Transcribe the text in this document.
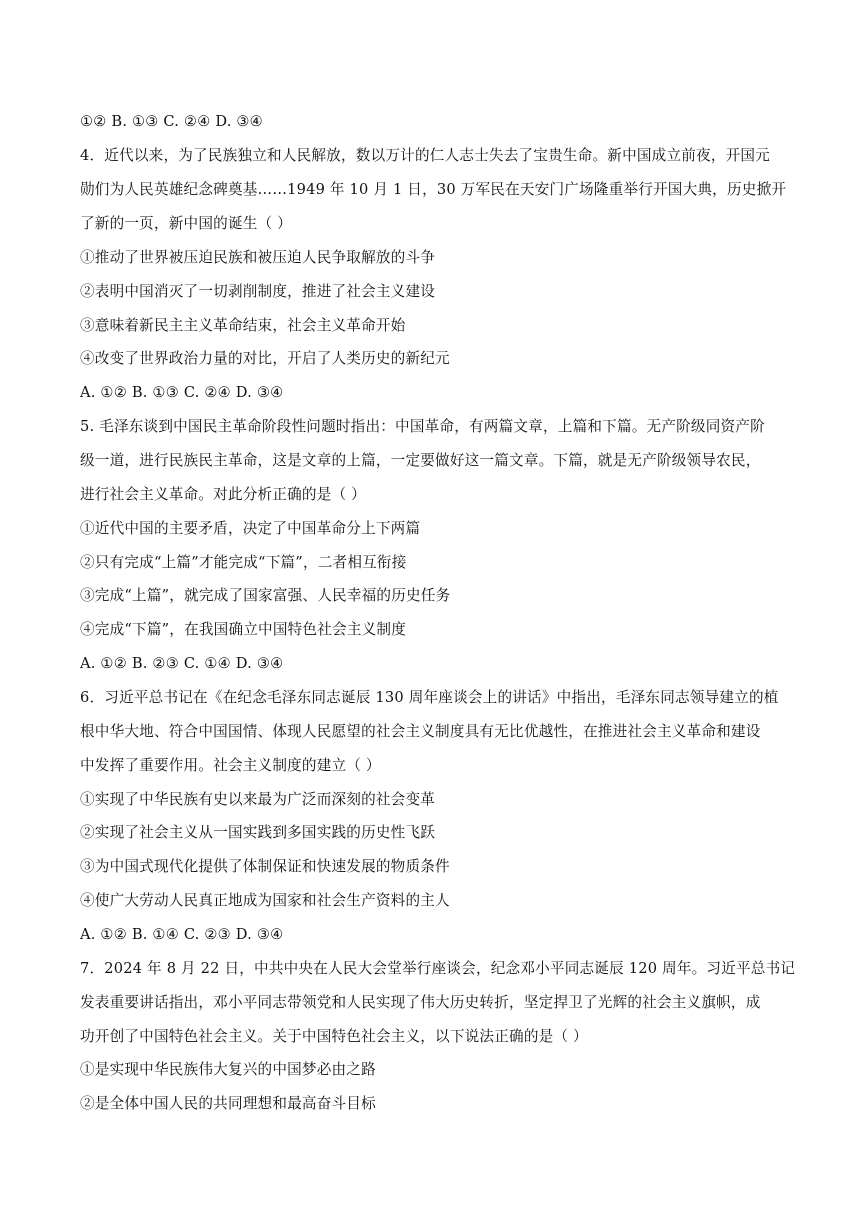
①② B. ①③ C. ②④ D. ③④
4．近代以来，为了民族独立和人民解放，数以万计的仁人志士失去了宝贵生命。新中国成立前夜，开国元
勋们为人民英雄纪念碑奠基……1949 年 10 月 1 日，30 万军民在天安门广场隆重举行开国大典，历史掀开
了新的一页，新中国的诞生（ ）
①推动了世界被压迫民族和被压迫人民争取解放的斗争
②表明中国消灭了一切剥削制度，推进了社会主义建设
③意味着新民主主义革命结束，社会主义革命开始
④改变了世界政治力量的对比，开启了人类历史的新纪元
A. ①② B. ①③ C. ②④ D. ③④
5. 毛泽东谈到中国民主革命阶段性问题时指出：中国革命，有两篇文章，上篇和下篇。无产阶级同资产阶
级一道，进行民族民主革命，这是文章的上篇，一定要做好这一篇文章。下篇，就是无产阶级领导农民，
进行社会主义革命。对此分析正确的是（ ）
①近代中国的主要矛盾，决定了中国革命分上下两篇
②只有完成“上篇”才能完成“下篇”，二者相互衔接
③完成“上篇”，就完成了国家富强、人民幸福的历史任务
④完成“下篇”，在我国确立中国特色社会主义制度
A. ①② B. ②③ C. ①④ D. ③④
6．习近平总书记在《在纪念毛泽东同志诞辰 130 周年座谈会上的讲话》中指出，毛泽东同志领导建立的植
根中华大地、符合中国国情、体现人民愿望的社会主义制度具有无比优越性，在推进社会主义革命和建设
中发挥了重要作用。社会主义制度的建立（ ）
①实现了中华民族有史以来最为广泛而深刻的社会变革
②实现了社会主义从一国实践到多国实践的历史性飞跃
③为中国式现代化提供了体制保证和快速发展的物质条件
④使广大劳动人民真正地成为国家和社会生产资料的主人
A. ①② B. ①④ C. ②③ D. ③④
7．2024 年 8 月 22 日，中共中央在人民大会堂举行座谈会，纪念邓小平同志诞辰 120 周年。习近平总书记
发表重要讲话指出，邓小平同志带领党和人民实现了伟大历史转折，坚定捍卫了光辉的社会主义旗帜，成
功开创了中国特色社会主义。关于中国特色社会主义，以下说法正确的是（ ）
①是实现中华民族伟大复兴的中国梦必由之路
②是全体中国人民的共同理想和最高奋斗目标
